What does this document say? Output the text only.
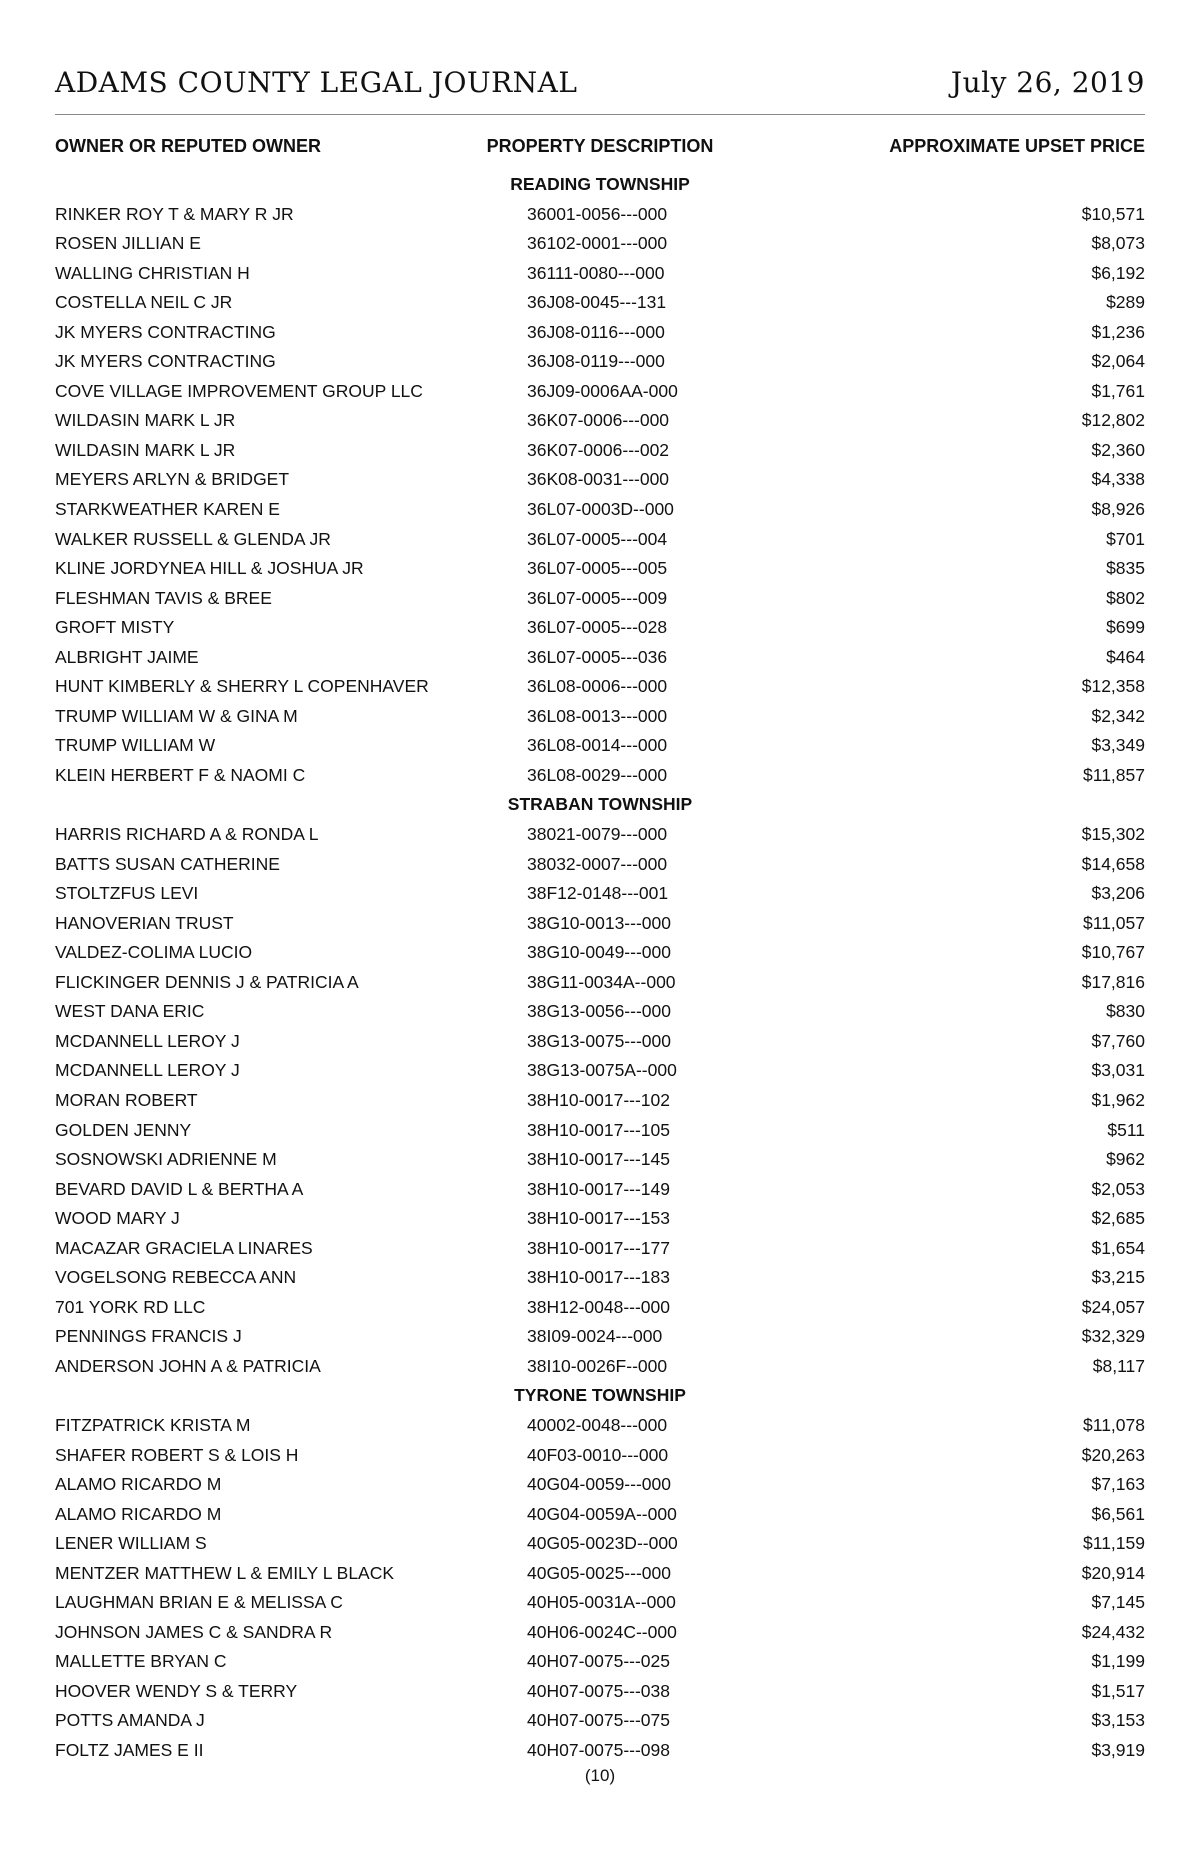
ADAMS COUNTY LEGAL JOURNAL	July 26, 2019
OWNER OR REPUTED OWNER	PROPERTY DESCRIPTION	APPROXIMATE UPSET PRICE
READING TOWNSHIP
RINKER ROY T & MARY R JR	36001-0056---000	$10,571
ROSEN JILLIAN E	36102-0001---000	$8,073
WALLING CHRISTIAN H	36111-0080---000	$6,192
COSTELLA NEIL C JR	36J08-0045---131	$289
JK MYERS CONTRACTING	36J08-0116---000	$1,236
JK MYERS CONTRACTING	36J08-0119---000	$2,064
COVE VILLAGE IMPROVEMENT GROUP LLC	36J09-0006AA-000	$1,761
WILDASIN MARK L JR	36K07-0006---000	$12,802
WILDASIN MARK L JR	36K07-0006---002	$2,360
MEYERS ARLYN & BRIDGET	36K08-0031---000	$4,338
STARKWEATHER KAREN E	36L07-0003D--000	$8,926
WALKER RUSSELL & GLENDA JR	36L07-0005---004	$701
KLINE JORDYNEA HILL & JOSHUA JR	36L07-0005---005	$835
FLESHMAN TAVIS & BREE	36L07-0005---009	$802
GROFT MISTY	36L07-0005---028	$699
ALBRIGHT JAIME	36L07-0005---036	$464
HUNT KIMBERLY & SHERRY L COPENHAVER	36L08-0006---000	$12,358
TRUMP WILLIAM W & GINA M	36L08-0013---000	$2,342
TRUMP WILLIAM W	36L08-0014---000	$3,349
KLEIN HERBERT F & NAOMI C	36L08-0029---000	$11,857
STRABAN TOWNSHIP
HARRIS RICHARD A & RONDA L	38021-0079---000	$15,302
BATTS SUSAN CATHERINE	38032-0007---000	$14,658
STOLTZFUS LEVI	38F12-0148---001	$3,206
HANOVERIAN TRUST	38G10-0013---000	$11,057
VALDEZ-COLIMA LUCIO	38G10-0049---000	$10,767
FLICKINGER DENNIS J & PATRICIA A	38G11-0034A--000	$17,816
WEST DANA ERIC	38G13-0056---000	$830
MCDANNELL LEROY J	38G13-0075---000	$7,760
MCDANNELL LEROY J	38G13-0075A--000	$3,031
MORAN ROBERT	38H10-0017---102	$1,962
GOLDEN JENNY	38H10-0017---105	$511
SOSNOWSKI ADRIENNE M	38H10-0017---145	$962
BEVARD DAVID L & BERTHA A	38H10-0017---149	$2,053
WOOD MARY J	38H10-0017---153	$2,685
MACAZAR GRACIELA LINARES	38H10-0017---177	$1,654
VOGELSONG REBECCA ANN	38H10-0017---183	$3,215
701 YORK RD LLC	38H12-0048---000	$24,057
PENNINGS FRANCIS J	38I09-0024---000	$32,329
ANDERSON JOHN A & PATRICIA	38I10-0026F--000	$8,117
TYRONE TOWNSHIP
FITZPATRICK KRISTA M	40002-0048---000	$11,078
SHAFER ROBERT S & LOIS H	40F03-0010---000	$20,263
ALAMO RICARDO M	40G04-0059---000	$7,163
ALAMO RICARDO M	40G04-0059A--000	$6,561
LENER WILLIAM S	40G05-0023D--000	$11,159
MENTZER MATTHEW L & EMILY L BLACK	40G05-0025---000	$20,914
LAUGHMAN BRIAN E & MELISSA C	40H05-0031A--000	$7,145
JOHNSON JAMES C & SANDRA R	40H06-0024C--000	$24,432
MALLETTE BRYAN C	40H07-0075---025	$1,199
HOOVER WENDY S & TERRY	40H07-0075---038	$1,517
POTTS AMANDA J	40H07-0075---075	$3,153
FOLTZ JAMES E II	40H07-0075---098	$3,919
(10)
